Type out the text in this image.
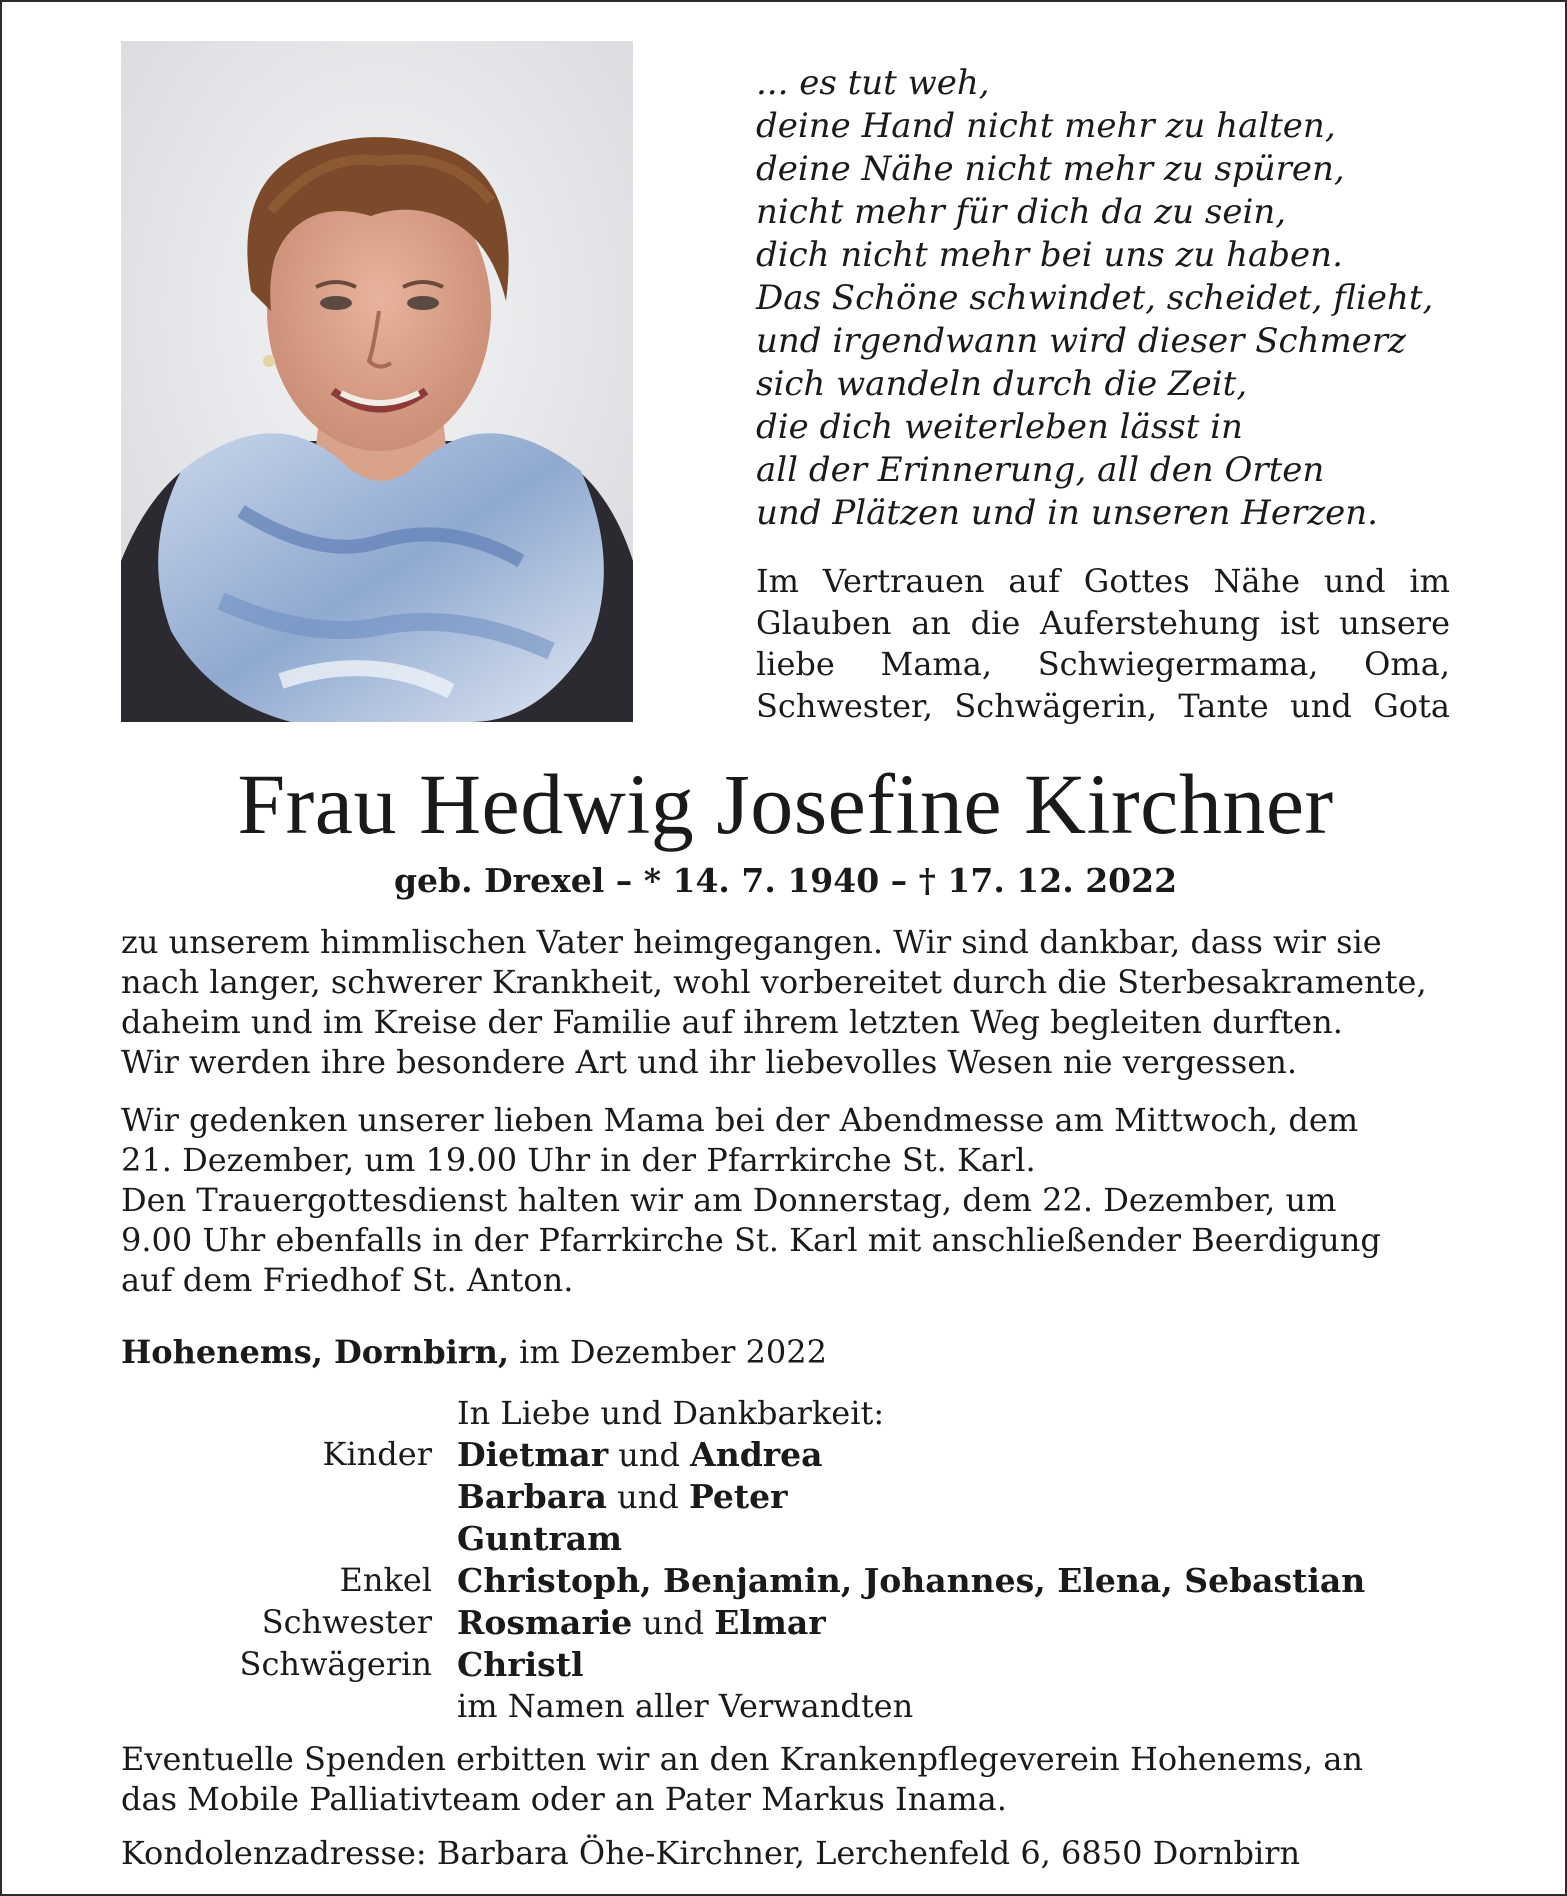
... es tut weh,
deine Hand nicht mehr zu halten,
deine Nähe nicht mehr zu spüren,
nicht mehr für dich da zu sein,
dich nicht mehr bei uns zu haben.
Das Schöne schwindet, scheidet, flieht,
und irgendwann wird dieser Schmerz
sich wandeln durch die Zeit,
die dich weiterleben lässt in
all der Erinnerung, all den Orten
und Plätzen und in unseren Herzen.
Im Vertrauen auf Gottes Nähe und im
Glauben an die Auferstehung ist unsere
liebe Mama, Schwiegermama, Oma,
Schwester, Schwägerin, Tante und Gota
Frau Hedwig Josefine Kirchner
geb. Drexel – * 14. 7. 1940 – † 17. 12. 2022
zu unserem himmlischen Vater heimgegangen. Wir sind dankbar, dass wir sie
nach langer, schwerer Krankheit, wohl vorbereitet durch die Sterbesakramente,
daheim und im Kreise der Familie auf ihrem letzten Weg begleiten durften.
Wir werden ihre besondere Art und ihr liebevolles Wesen nie vergessen.
Wir gedenken unserer lieben Mama bei der Abendmesse am Mittwoch, dem
21. Dezember, um 19.00 Uhr in der Pfarrkirche St. Karl.
Den Trauergottesdienst halten wir am Donnerstag, dem 22. Dezember, um
9.00 Uhr ebenfalls in der Pfarrkirche St. Karl mit anschließender Beerdigung
auf dem Friedhof St. Anton.
Hohenems, Dornbirn, im Dezember 2022
In Liebe und Dankbarkeit:
Kinder Dietmar und Andrea
Barbara und Peter
Guntram
Enkel Christoph, Benjamin, Johannes, Elena, Sebastian
Schwester Rosmarie und Elmar
Schwägerin Christl
im Namen aller Verwandten
Eventuelle Spenden erbitten wir an den Krankenpflegeverein Hohenems, an
das Mobile Palliativteam oder an Pater Markus Inama.
Kondolenzadresse: Barbara Öhe-Kirchner, Lerchenfeld 6, 6850 Dornbirn
